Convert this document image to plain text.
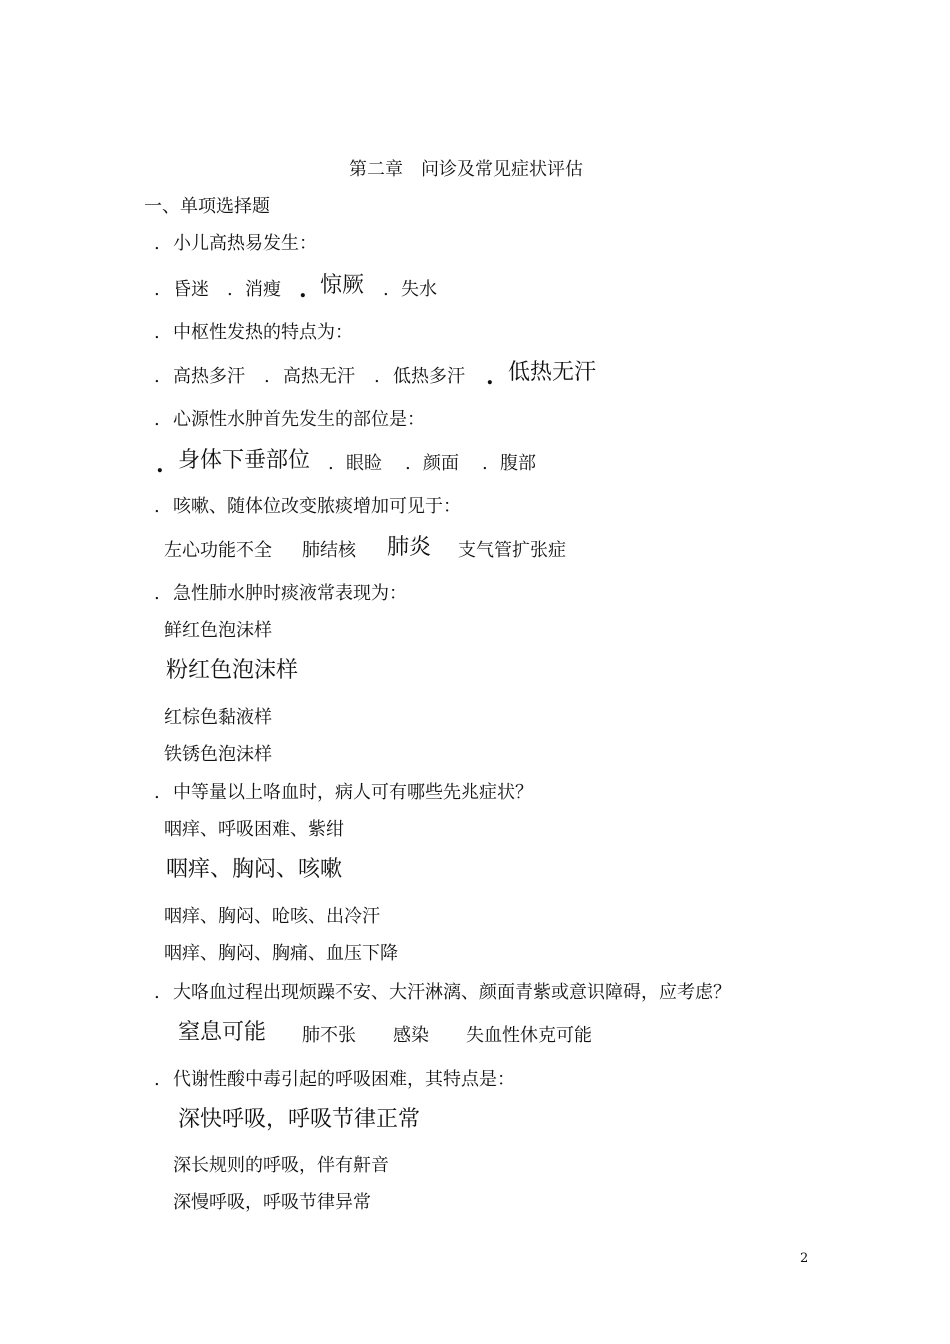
第二章　问诊及常见症状评估
一、单项选择题
. 小儿高热易发生：
. 昏迷 . 消瘦 . 惊厥 . 失水
. 中枢性发热的特点为：
. 高热多汗 . 高热无汗 . 低热多汗 . 低热无汗
. 心源性水肿首先发生的部位是：
. 身体下垂部位 . 眼睑 . 颜面 . 腹部
. 咳嗽、随体位改变脓痰增加可见于：
左心功能不全 肺结核 肺炎 支气管扩张症
. 急性肺水肿时痰液常表现为：
鲜红色泡沫样
粉红色泡沫样
红棕色黏液样
铁锈色泡沫样
. 中等量以上咯血时，病人可有哪些先兆症状？
咽痒、呼吸困难、紫绀
咽痒、胸闷、咳嗽
咽痒、胸闷、呛咳、出冷汗
咽痒、胸闷、胸痛、血压下降
. 大咯血过程出现烦躁不安、大汗淋漓、颜面青紫或意识障碍，应考虑？
窒息可能 肺不张 感染 失血性休克可能
. 代谢性酸中毒引起的呼吸困难，其特点是：
深快呼吸，呼吸节律正常
深长规则的呼吸，伴有鼾音
深慢呼吸，呼吸节律异常
2
